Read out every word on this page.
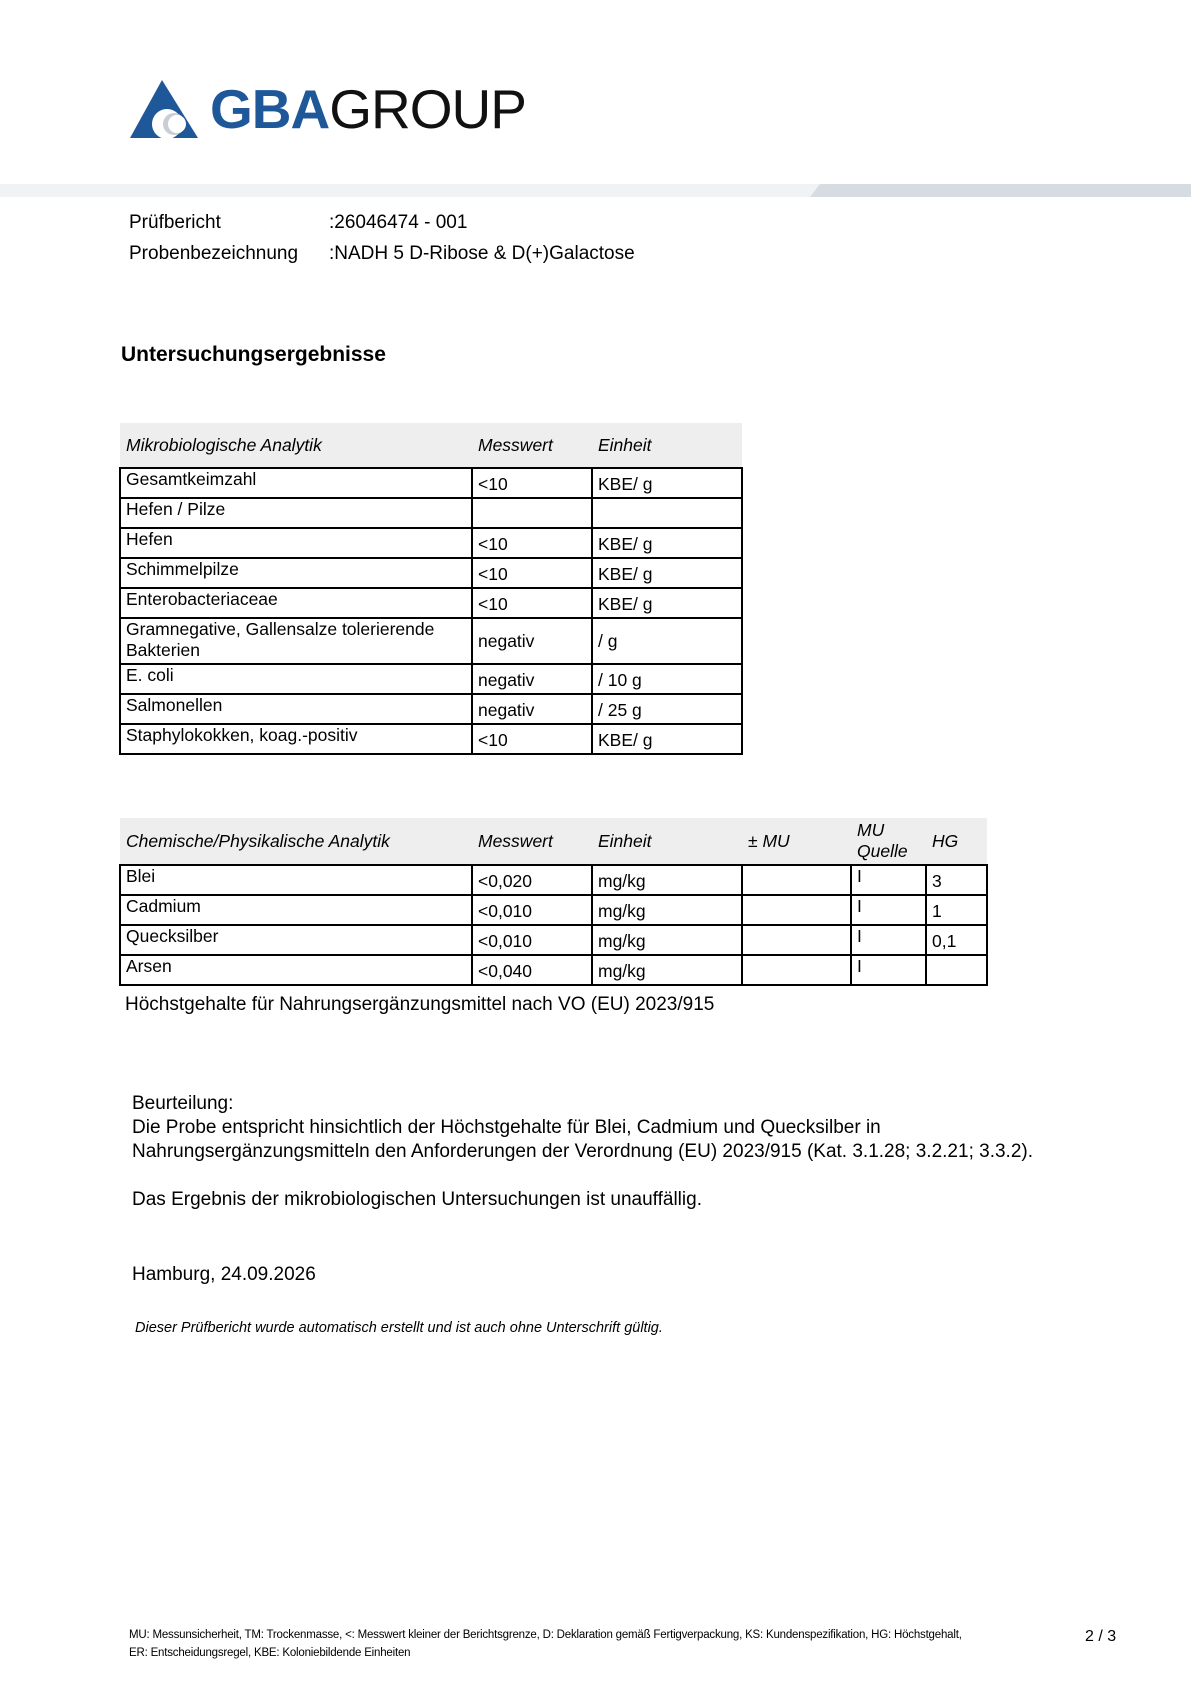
GBAGROUP
Prüfbericht	:26046474 - 001
Probenbezeichnung	:NADH 5 D-Ribose & D(+)Galactose
Untersuchungsergebnisse
Mikrobiologische Analytik	Messwert	Einheit
Gesamtkeimzahl	<10	KBE/ g
Hefen / Pilze		
Hefen	<10	KBE/ g
Schimmelpilze	<10	KBE/ g
Enterobacteriaceae	<10	KBE/ g
Gramnegative, Gallensalze tolerierende Bakterien	negativ	/ g
E. coli	negativ	/ 10 g
Salmonellen	negativ	/ 25 g
Staphylokokken, koag.-positiv	<10	KBE/ g
Chemische/Physikalische Analytik	Messwert	Einheit	± MU	MU Quelle	HG
Blei	<0,020	mg/kg		I	3
Cadmium	<0,010	mg/kg		I	1
Quecksilber	<0,010	mg/kg		I	0,1
Arsen	<0,040	mg/kg		I	
Höchstgehalte für Nahrungsergänzungsmittel nach VO (EU) 2023/915

Beurteilung:

Die Probe entspricht hinsichtlich der Höchstgehalte für Blei, Cadmium und Quecksilber in

Nahrungsergänzungsmitteln den Anforderungen der Verordnung (EU) 2023/915 (Kat. 3.1.28; 3.2.21; 3.3.2).

Das Ergebnis der mikrobiologischen Untersuchungen ist unauffällig.

Hamburg, 24.09.2026
Dieser Prüfbericht wurde automatisch erstellt und ist auch ohne Unterschrift gültig.
MU: Messunsicherheit, TM: Trockenmasse, <: Messwert kleiner der Berichtsgrenze, D: Deklaration gemäß Fertigverpackung, KS: Kundenspezifikation, HG: Höchstgehalt,
ER: Entscheidungsregel, KBE: Koloniebildende Einheiten
2 / 3
